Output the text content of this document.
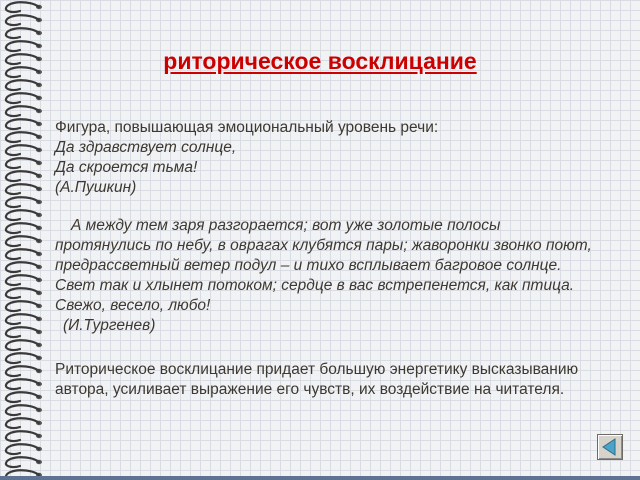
риторическое восклицание

Фигура, повышающая эмоциональный уровень речи:

Да здравствует солнце,

Да скроется тьма!

(А.Пушкин)

А между тем заря разгорается; вот уже золотые полосы протянулись по небу, в оврагах клубятся пары; жаворонки звонко поют, предрассветный ветер подул – и тихо всплывает багровое солнце. Свет так и хлынет потоком; сердце в вас встрепенется, как птица. Свежо, весело, любо!

(И.Тургенев)

Риторическое восклицание придает большую энергетику высказыванию автора, усиливает выражение его чувств, их воздействие на читателя.
